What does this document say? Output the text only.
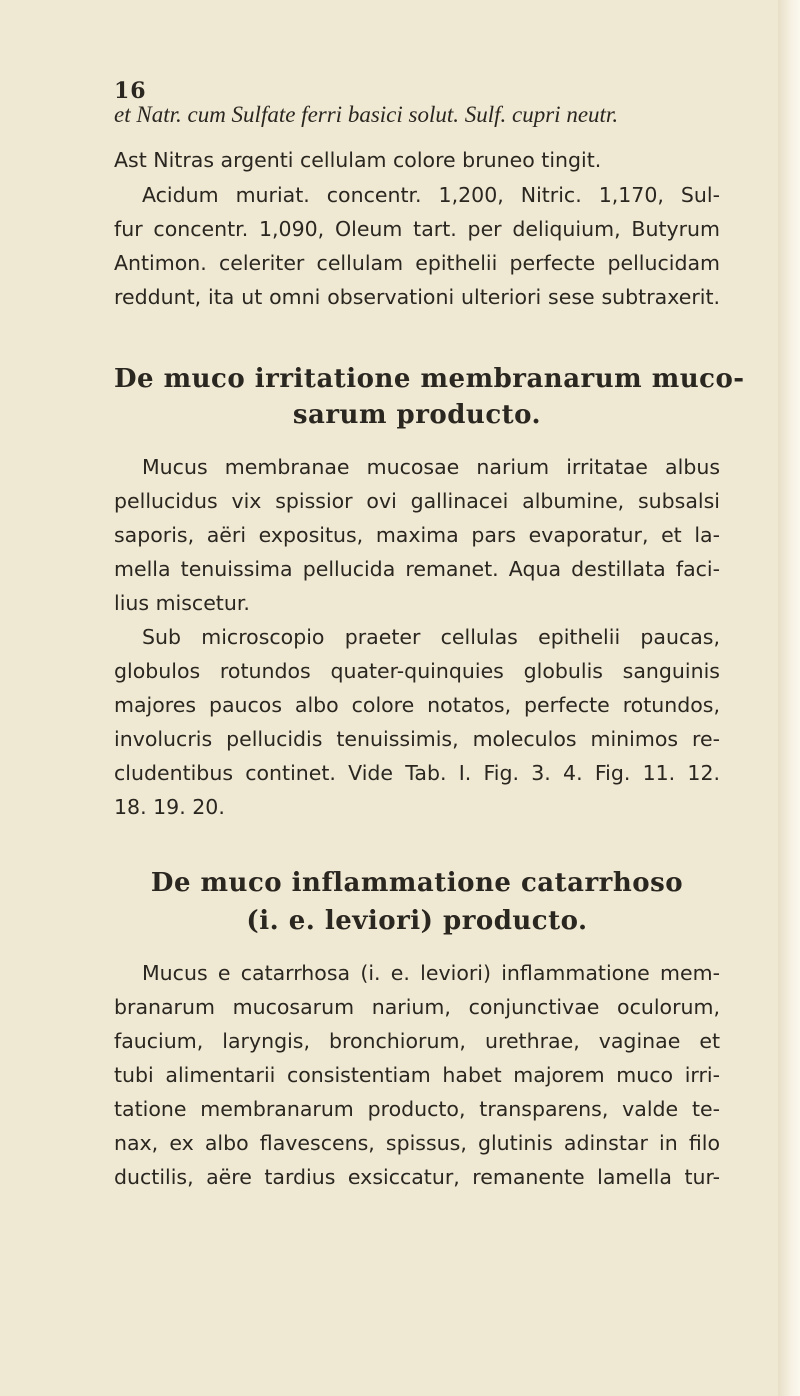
16
et Natr. cum Sulfate ferri basici solut. Sulf. cupri neutr.
Ast Nitras argenti cellulam colore bruneo tingit.
Acidum muriat. concentr. 1,200, Nitric. 1,170, Sul-
fur concentr. 1,090, Oleum tart. per deliquium, Butyrum
Antimon. celeriter cellulam epithelii perfecte pellucidam
reddunt, ita ut omni observationi ulteriori sese subtraxerit.
De muco irritatione membranarum muco-
sarum producto.
Mucus membranae mucosae narium irritatae albus
pellucidus vix spissior ovi gallinacei albumine, subsalsi
saporis, aëri expositus, maxima pars evaporatur, et la-
mella tenuissima pellucida remanet. Aqua destillata faci-
lius miscetur.
Sub microscopio praeter cellulas epithelii paucas,
globulos rotundos quater-quinquies globulis sanguinis
majores paucos albo colore notatos, perfecte rotundos,
involucris pellucidis tenuissimis, moleculos minimos re-
cludentibus continet. Vide Tab. I. Fig. 3. 4. Fig. 11. 12.
18. 19. 20.
De muco inflammatione catarrhoso
(i. e. leviori) producto.
Mucus e catarrhosa (i. e. leviori) inflammatione mem-
branarum mucosarum narium, conjunctivae oculorum,
faucium, laryngis, bronchiorum, urethrae, vaginae et
tubi alimentarii consistentiam habet majorem muco irri-
tatione membranarum producto, transparens, valde te-
nax, ex albo flavescens, spissus, glutinis adinstar in filo
ductilis, aëre tardius exsiccatur, remanente lamella tur-
